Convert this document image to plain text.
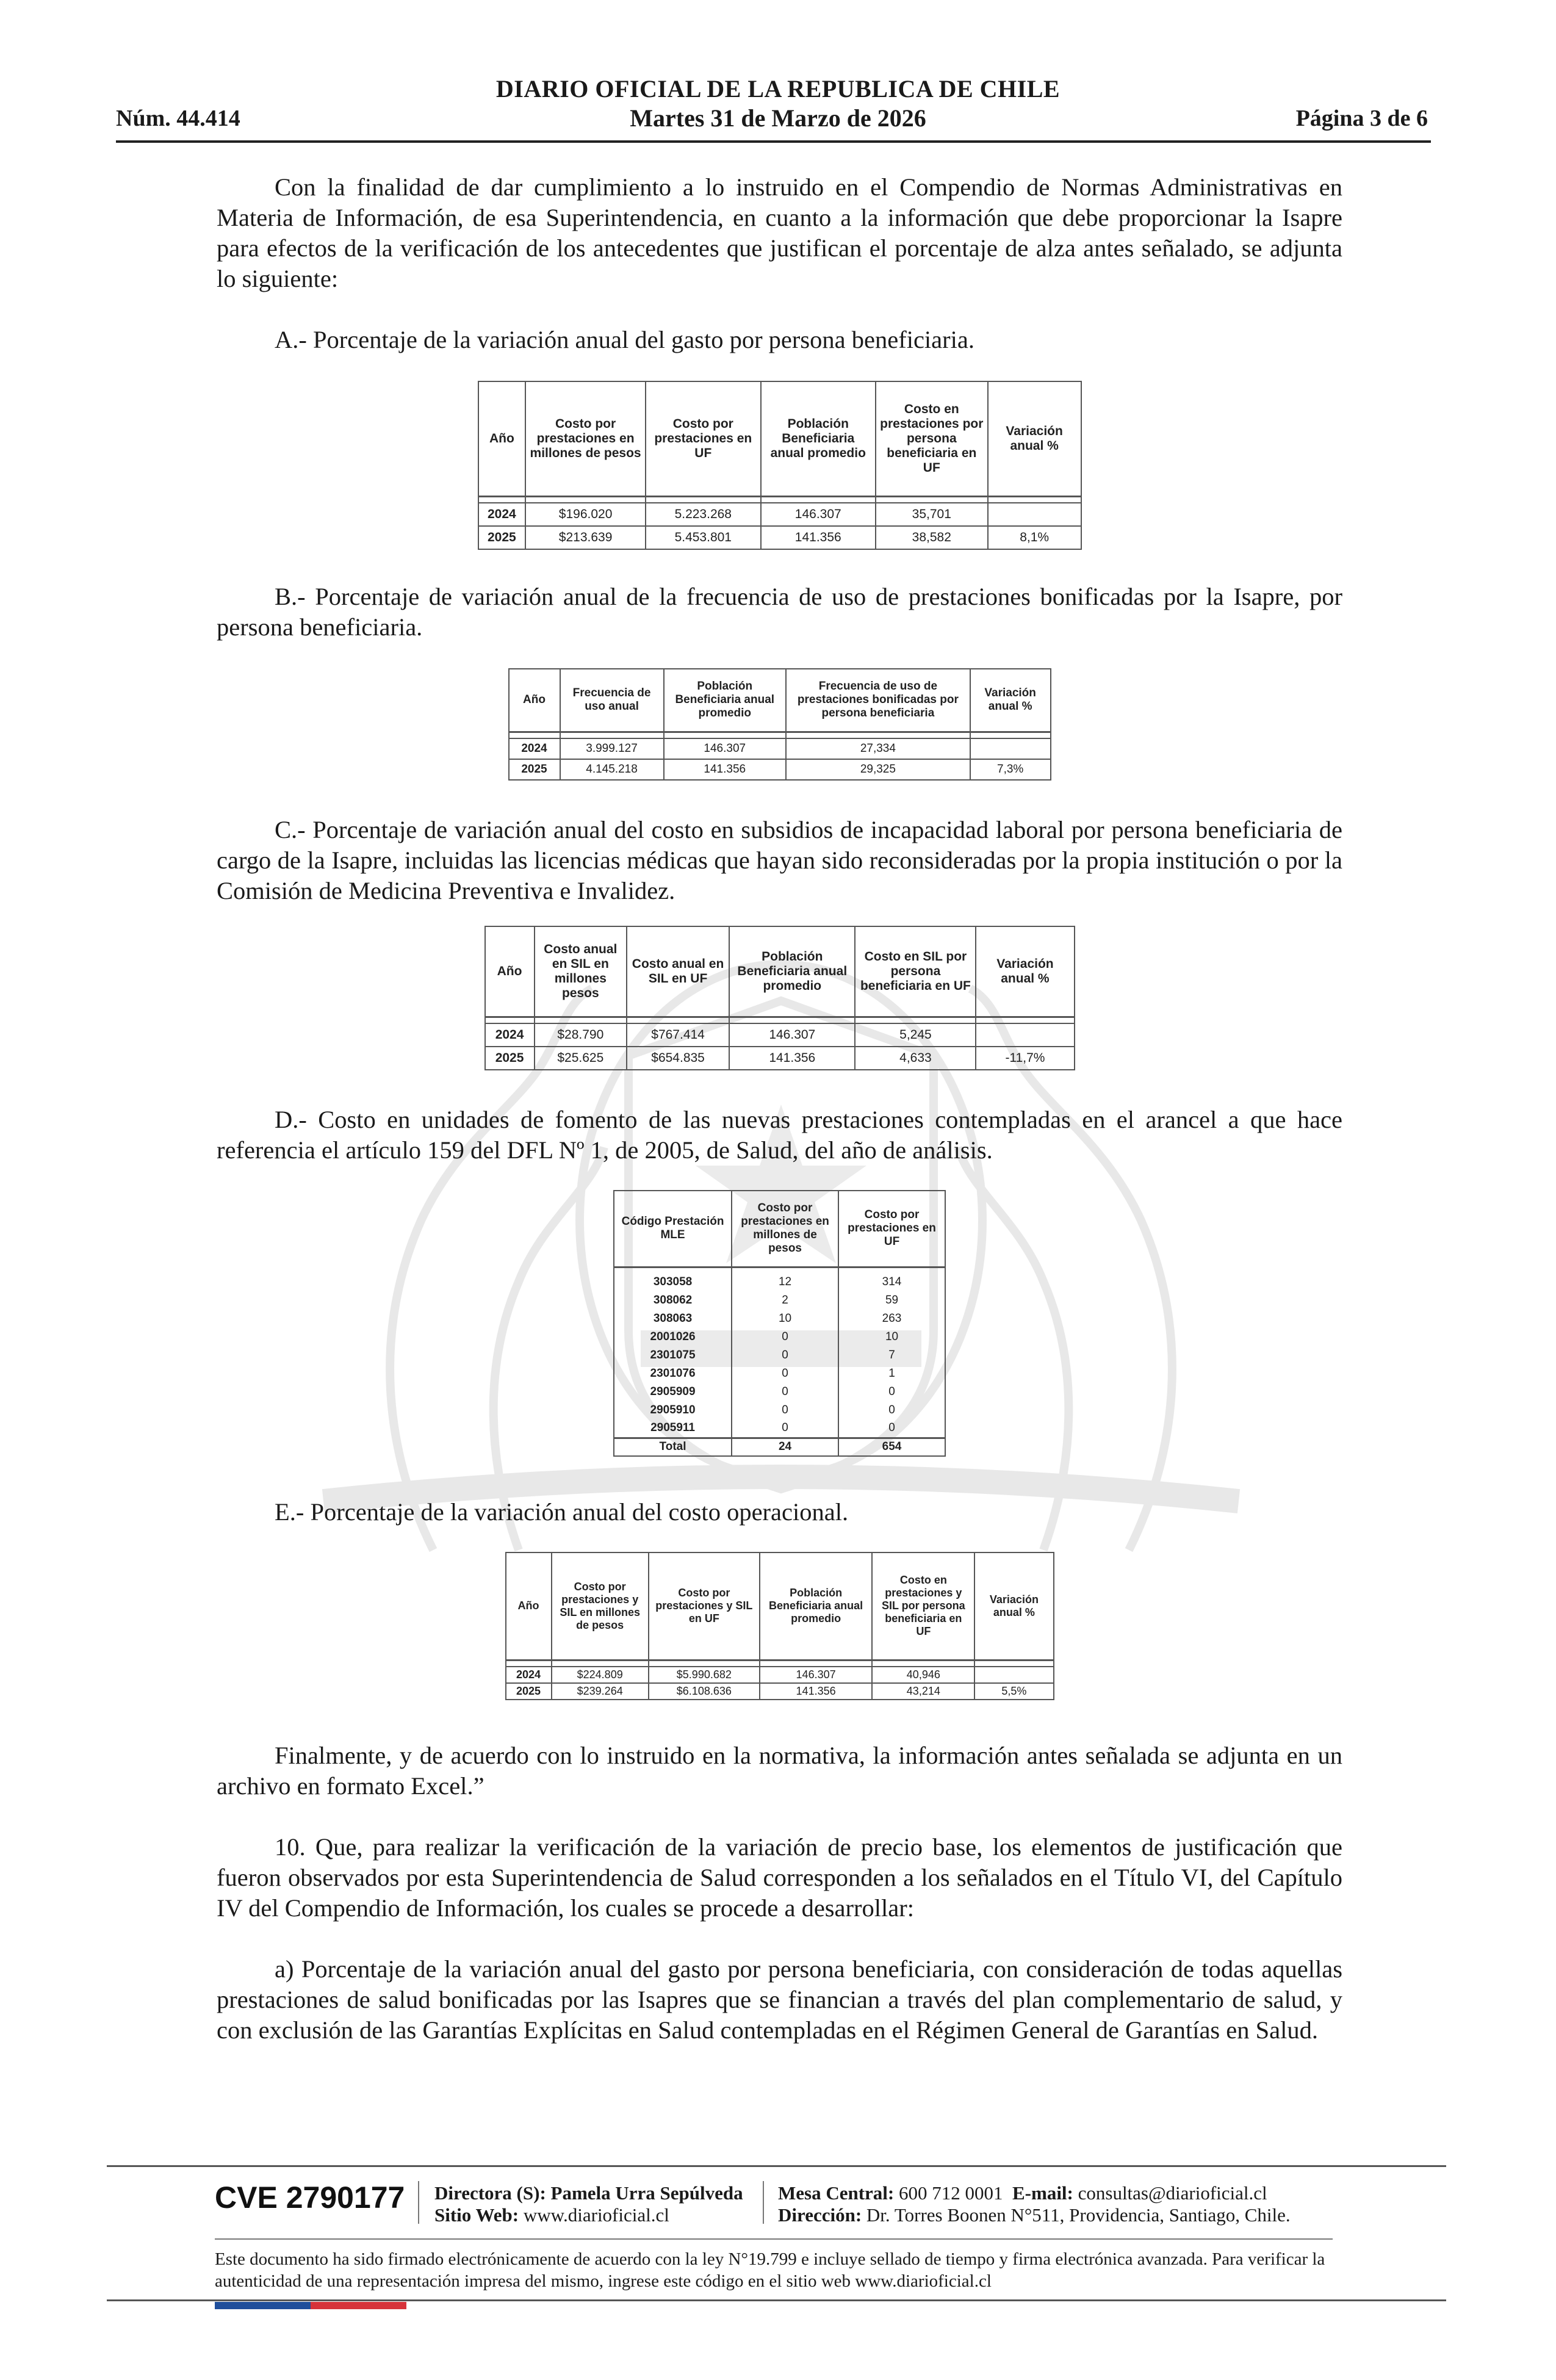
DIARIO OFICIAL DE LA REPUBLICA DE CHILE
Martes 31 de Marzo de 2026
Núm. 44.414	Página 3 de 6

Con la finalidad de dar cumplimiento a lo instruido en el Compendio de Normas Administrativas en Materia de Información, de esa Superintendencia, en cuanto a la información que debe proporcionar la Isapre para efectos de la verificación de los antecedentes que justifican el porcentaje de alza antes señalado, se adjunta lo siguiente:

A.- Porcentaje de la variación anual del gasto por persona beneficiaria.

Año	Costo por prestaciones en millones de pesos	Costo por prestaciones en UF	Población Beneficiaria anual promedio	Costo en prestaciones por persona beneficiaria en UF	Variación anual %

2024	$196.020	5.223.268	146.307	35,701	
2025	$213.639	5.453.801	141.356	38,582	8,1%

B.- Porcentaje de variación anual de la frecuencia de uso de prestaciones bonificadas por la Isapre, por persona beneficiaria.

Año	Frecuencia de uso anual	Población Beneficiaria anual promedio	Frecuencia de uso de prestaciones bonificadas por persona beneficiaria	Variación anual %

2024	3.999.127	146.307	27,334	
2025	4.145.218	141.356	29,325	7,3%

C.- Porcentaje de variación anual del costo en subsidios de incapacidad laboral por persona beneficiaria de cargo de la Isapre, incluidas las licencias médicas que hayan sido reconsideradas por la propia institución o por la Comisión de Medicina Preventiva e Invalidez.

Año	Costo anual en SIL en millones pesos	Costo anual en SIL en UF	Población Beneficiaria anual promedio	Costo en SIL por persona beneficiaria en UF	Variación anual %

2024	$28.790	$767.414	146.307	5,245	
2025	$25.625	$654.835	141.356	4,633	-11,7%

D.- Costo en unidades de fomento de las nuevas prestaciones contempladas en el arancel a que hace referencia el artículo 159 del DFL Nº 1, de 2005, de Salud, del año de análisis.

Código Prestación MLE	Costo por prestaciones en millones de pesos	Costo por prestaciones en UF

303058	12	314
308062	2	59
308063	10	263
2001026	0	10
2301075	0	7
2301076	0	1
2905909	0	0
2905910	0	0
2905911	0	0
Total	24	654

E.- Porcentaje de la variación anual del costo operacional.

Año	Costo por prestaciones y SIL en millones de pesos	Costo por prestaciones y SIL en UF	Población Beneficiaria anual promedio	Costo en prestaciones y SIL por persona beneficiaria en UF	Variación anual %

2024	$224.809	$5.990.682	146.307	40,946	
2025	$239.264	$6.108.636	141.356	43,214	5,5%

Finalmente, y de acuerdo con lo instruido en la normativa, la información antes señalada se adjunta en un archivo en formato Excel.”

10. Que, para realizar la verificación de la variación de precio base, los elementos de justificación que fueron observados por esta Superintendencia de Salud corresponden a los señalados en el Título VI, del Capítulo IV del Compendio de Información, los cuales se procede a desarrollar:

a) Porcentaje de la variación anual del gasto por persona beneficiaria, con consideración de todas aquellas prestaciones de salud bonificadas por las Isapres que se financian a través del plan complementario de salud, y con exclusión de las Garantías Explícitas en Salud contempladas en el Régimen General de Garantías en Salud.

CVE 2790177 Directora (S): Pamela Urra Sepúlveda
Sitio Web: www.diarioficial.cl
Mesa Central: 600 712 0001 E-mail: consultas@diarioficial.cl
Dirección: Dr. Torres Boonen N°511, Providencia, Santiago, Chile.
Este documento ha sido firmado electrónicamente de acuerdo con la ley N°19.799 e incluye sellado de tiempo y firma electrónica avanzada. Para verificar la autenticidad de una representación impresa del mismo, ingrese este código en el sitio web www.diarioficial.cl
